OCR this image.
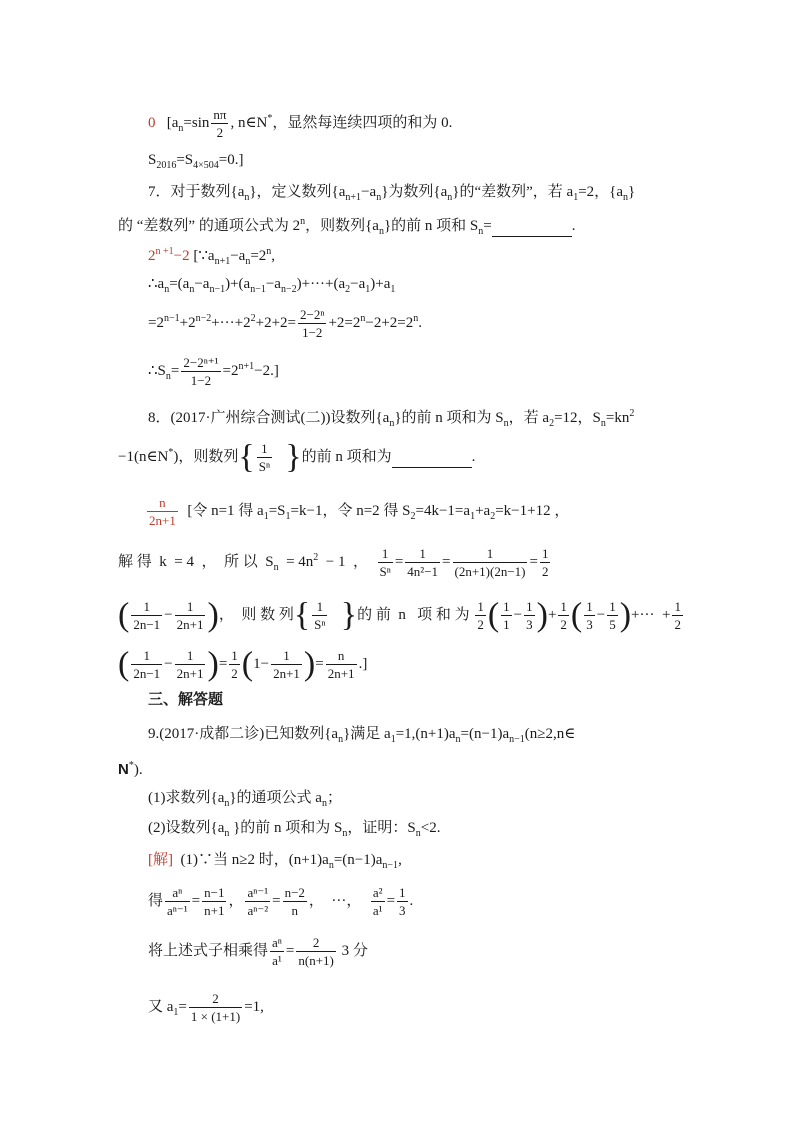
0   [$a_n=\sin \frac{n\pi}{2}$ , n∈N*，显然每连续四项的和为 0.
$S_{2016}=S_{4\times 504}=0$.]
7．对于数列$\{a_n\}$，定义数列$\{a_{n+1}-a_n\}$为数列$\{a_n\}$的“差数列”，若 $a_1=2$，$\{a_n\}$
的 “差数列” 的通项公式为 2$^n$，则数列$\{a_n\}$的前 n 项和 $S_n=$	.
$2^{n +1}-2$ [$\because a_{n+1}-a_n=2^n$,
$\therefore a_n=(a_n-a_{n-1})+(a_{n-1}-a_{n-2})+\cdot\cdot\cdot+(a_2-a_1)+a_1$
$=2^{n-1}+2^{n-2}+\cdot\cdot\cdot+2^2+2+2= \frac{\text{2−2ⁿ}}{1-2} +2=2^n-2+2=2^n$.
$\therefore S_n= \frac{\text{2−2ⁿ⁺¹}}{1-2} =2^{n+1}-2$.]
8．(2017·广州综合测试(二))设数列$\{a_n\}$的前 n 项和为 $S_n$，若 $a_2=12$，$S_n=kn^2$
−1(n∈N*)，则数列{ $\frac{1}{\text{Sⁿ}}$ }的前 n 项和为	.
$\frac{n}{2n+1}$ [令 n=1 得 $a_1=S_1=k-1$，令 n=2 得 $S_2=4k-1=a_1+a_2=k-1+12$ ，
解 得  k  = 4  ，  所 以  $S_n = 4n^2 - 1$  ， $\frac{1}{\text{Sⁿ}} = \frac{1}{\text{4n²−1}} = \frac{1}{(2n+1)(2n-1)} = \frac{1}{2}$
( $\frac{1}{2n-1} - \frac{1}{2n+1}$ )，  则 数 列{ $\frac{1}{\text{Sⁿ}}$ }的 前  n   项 和 为 $\frac{1}{2}$ ( $\frac{1}{1} - \frac{1}{3}$ )+ $\frac{1}{2}$ ( $\frac{1}{3} - \frac{1}{5}$ )+···  + $\frac{1}{2}$
( $\frac{1}{2n-1} - \frac{1}{2n+1}$ )= $\frac{1}{2} (1- \frac{1}{2n+1}$ )= $\frac{n}{2n+1}$ .]
三、解答题
9.(2017·成都二诊)已知数列$\{a_n\}$满足 $a_1=1,(n+1)a_n=(n-1)a_{n-1}(n\ge 2,n\in$
N*).
(1)求数列$\{a_n\}$的通项公式 $a_n$；
(2)设数列{$a_n$ }的前 n 项和为 $S_n$，证明：$S_n<2$.
[解]  (1)∵当 n≥2 时，$(n+1)a_n=(n-1)a_{n-1}$,
得 $\frac{\text{aⁿ}}{\text{aⁿ⁻¹}} = \frac{n-1}{n+1}$ ， $\frac{\text{aⁿ⁻¹}}{\text{aⁿ⁻²}} = \frac{n-2}{n}$ ，  ···， $\frac{\text{a²}}{\text{a¹}} = \frac{1}{3}$ .
将上述式子相乘得 $\frac{\text{aⁿ}}{\text{a¹}} = \frac{2}{n(n+1)} 3$ 分
又 $a_1= \frac{2}{1 \times (1+1)} =1$,
